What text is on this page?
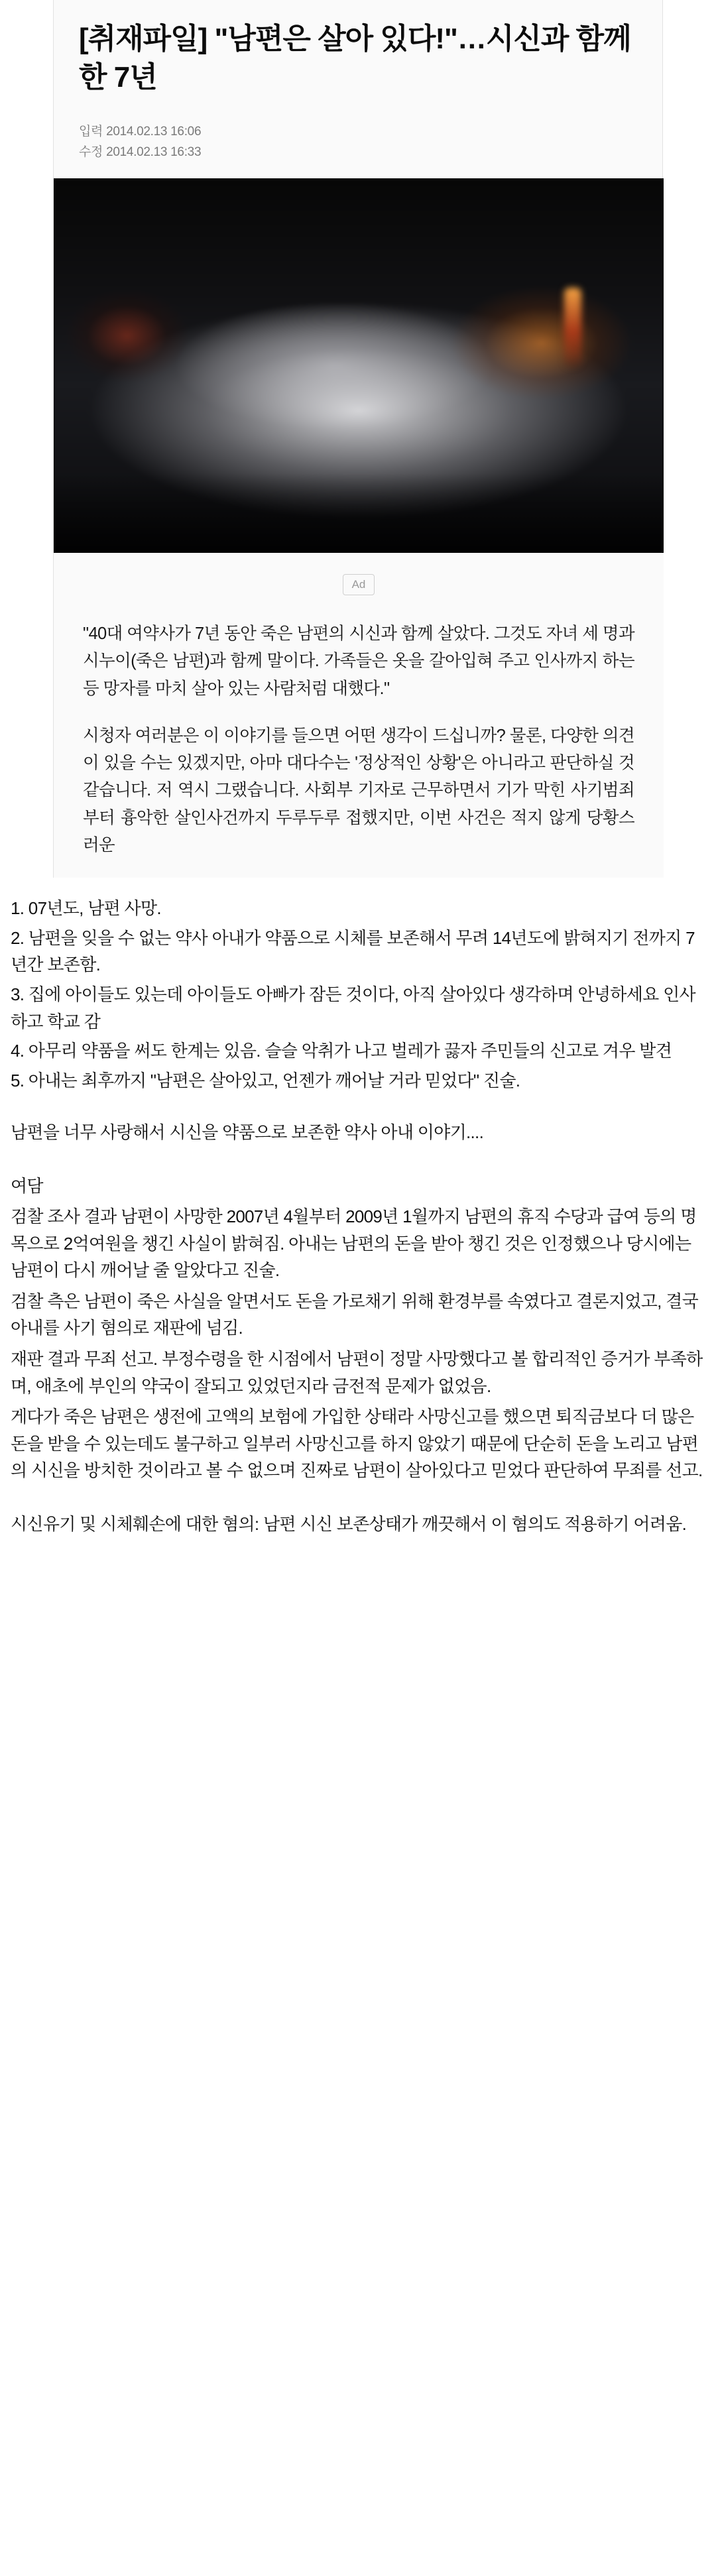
[취재파일] "남편은 살아 있다!"…시신과 함께한 7년
입력 2014.02.13 16:06
수정 2014.02.13 16:33
Ad

"40대 여약사가 7년 동안 죽은 남편의 시신과 함께 살았다. 그것도 자녀 세 명과 시누이(죽은 남편)과 함께 말이다. 가족들은 옷을 갈아입혀 주고 인사까지 하는 등 망자를 마치 살아 있는 사람처럼 대했다."

시청자 여러분은 이 이야기를 들으면 어떤 생각이 드십니까? 물론, 다양한 의견이 있을 수는 있겠지만, 아마 대다수는 '정상적인 상황'은 아니라고 판단하실 것 같습니다. 저 역시 그랬습니다. 사회부 기자로 근무하면서 기가 막힌 사기범죄부터 흉악한 살인사건까지 두루두루 접했지만, 이번 사건은 적지 않게 당황스러운

1. 07년도, 남편 사망.

2. 남편을 잊을 수 없는 약사 아내가 약품으로 시체를 보존해서 무려 14년도에 밝혀지기 전까지 7년간 보존함.

3. 집에 아이들도 있는데 아이들도 아빠가 잠든 것이다, 아직 살아있다 생각하며 안녕하세요 인사하고 학교 감

4. 아무리 약품을 써도 한계는 있음. 슬슬 악취가 나고 벌레가 끓자 주민들의 신고로 겨우 발견

5. 아내는 최후까지 "남편은 살아있고, 언젠가 깨어날 거라 믿었다" 진술.

남편을 너무 사랑해서 시신을 약품으로 보존한 약사 아내 이야기....

여담

검찰 조사 결과 남편이 사망한 2007년 4월부터 2009년 1월까지 남편의 휴직 수당과 급여 등의 명목으로 2억여원을 챙긴 사실이 밝혀짐. 아내는 남편의 돈을 받아 챙긴 것은 인정했으나 당시에는 남편이 다시 깨어날 줄 알았다고 진술.

검찰 측은 남편이 죽은 사실을 알면서도 돈을 가로채기 위해 환경부를 속였다고 결론지었고, 결국 아내를 사기 혐의로 재판에 넘김.

재판 결과 무죄 선고. 부정수령을 한 시점에서 남편이 정말 사망했다고 볼 합리적인 증거가 부족하며, 애초에 부인의 약국이 잘되고 있었던지라 금전적 문제가 없었음.

게다가 죽은 남편은 생전에 고액의 보험에 가입한 상태라 사망신고를 했으면 퇴직금보다 더 많은 돈을 받을 수 있는데도 불구하고 일부러 사망신고를 하지 않았기 때문에 단순히 돈을 노리고 남편의 시신을 방치한 것이라고 볼 수 없으며 진짜로 남편이 살아있다고 믿었다 판단하여 무죄를 선고.

시신유기 및 시체훼손에 대한 혐의: 남편 시신 보존상태가 깨끗해서 이 혐의도 적용하기 어려움.
